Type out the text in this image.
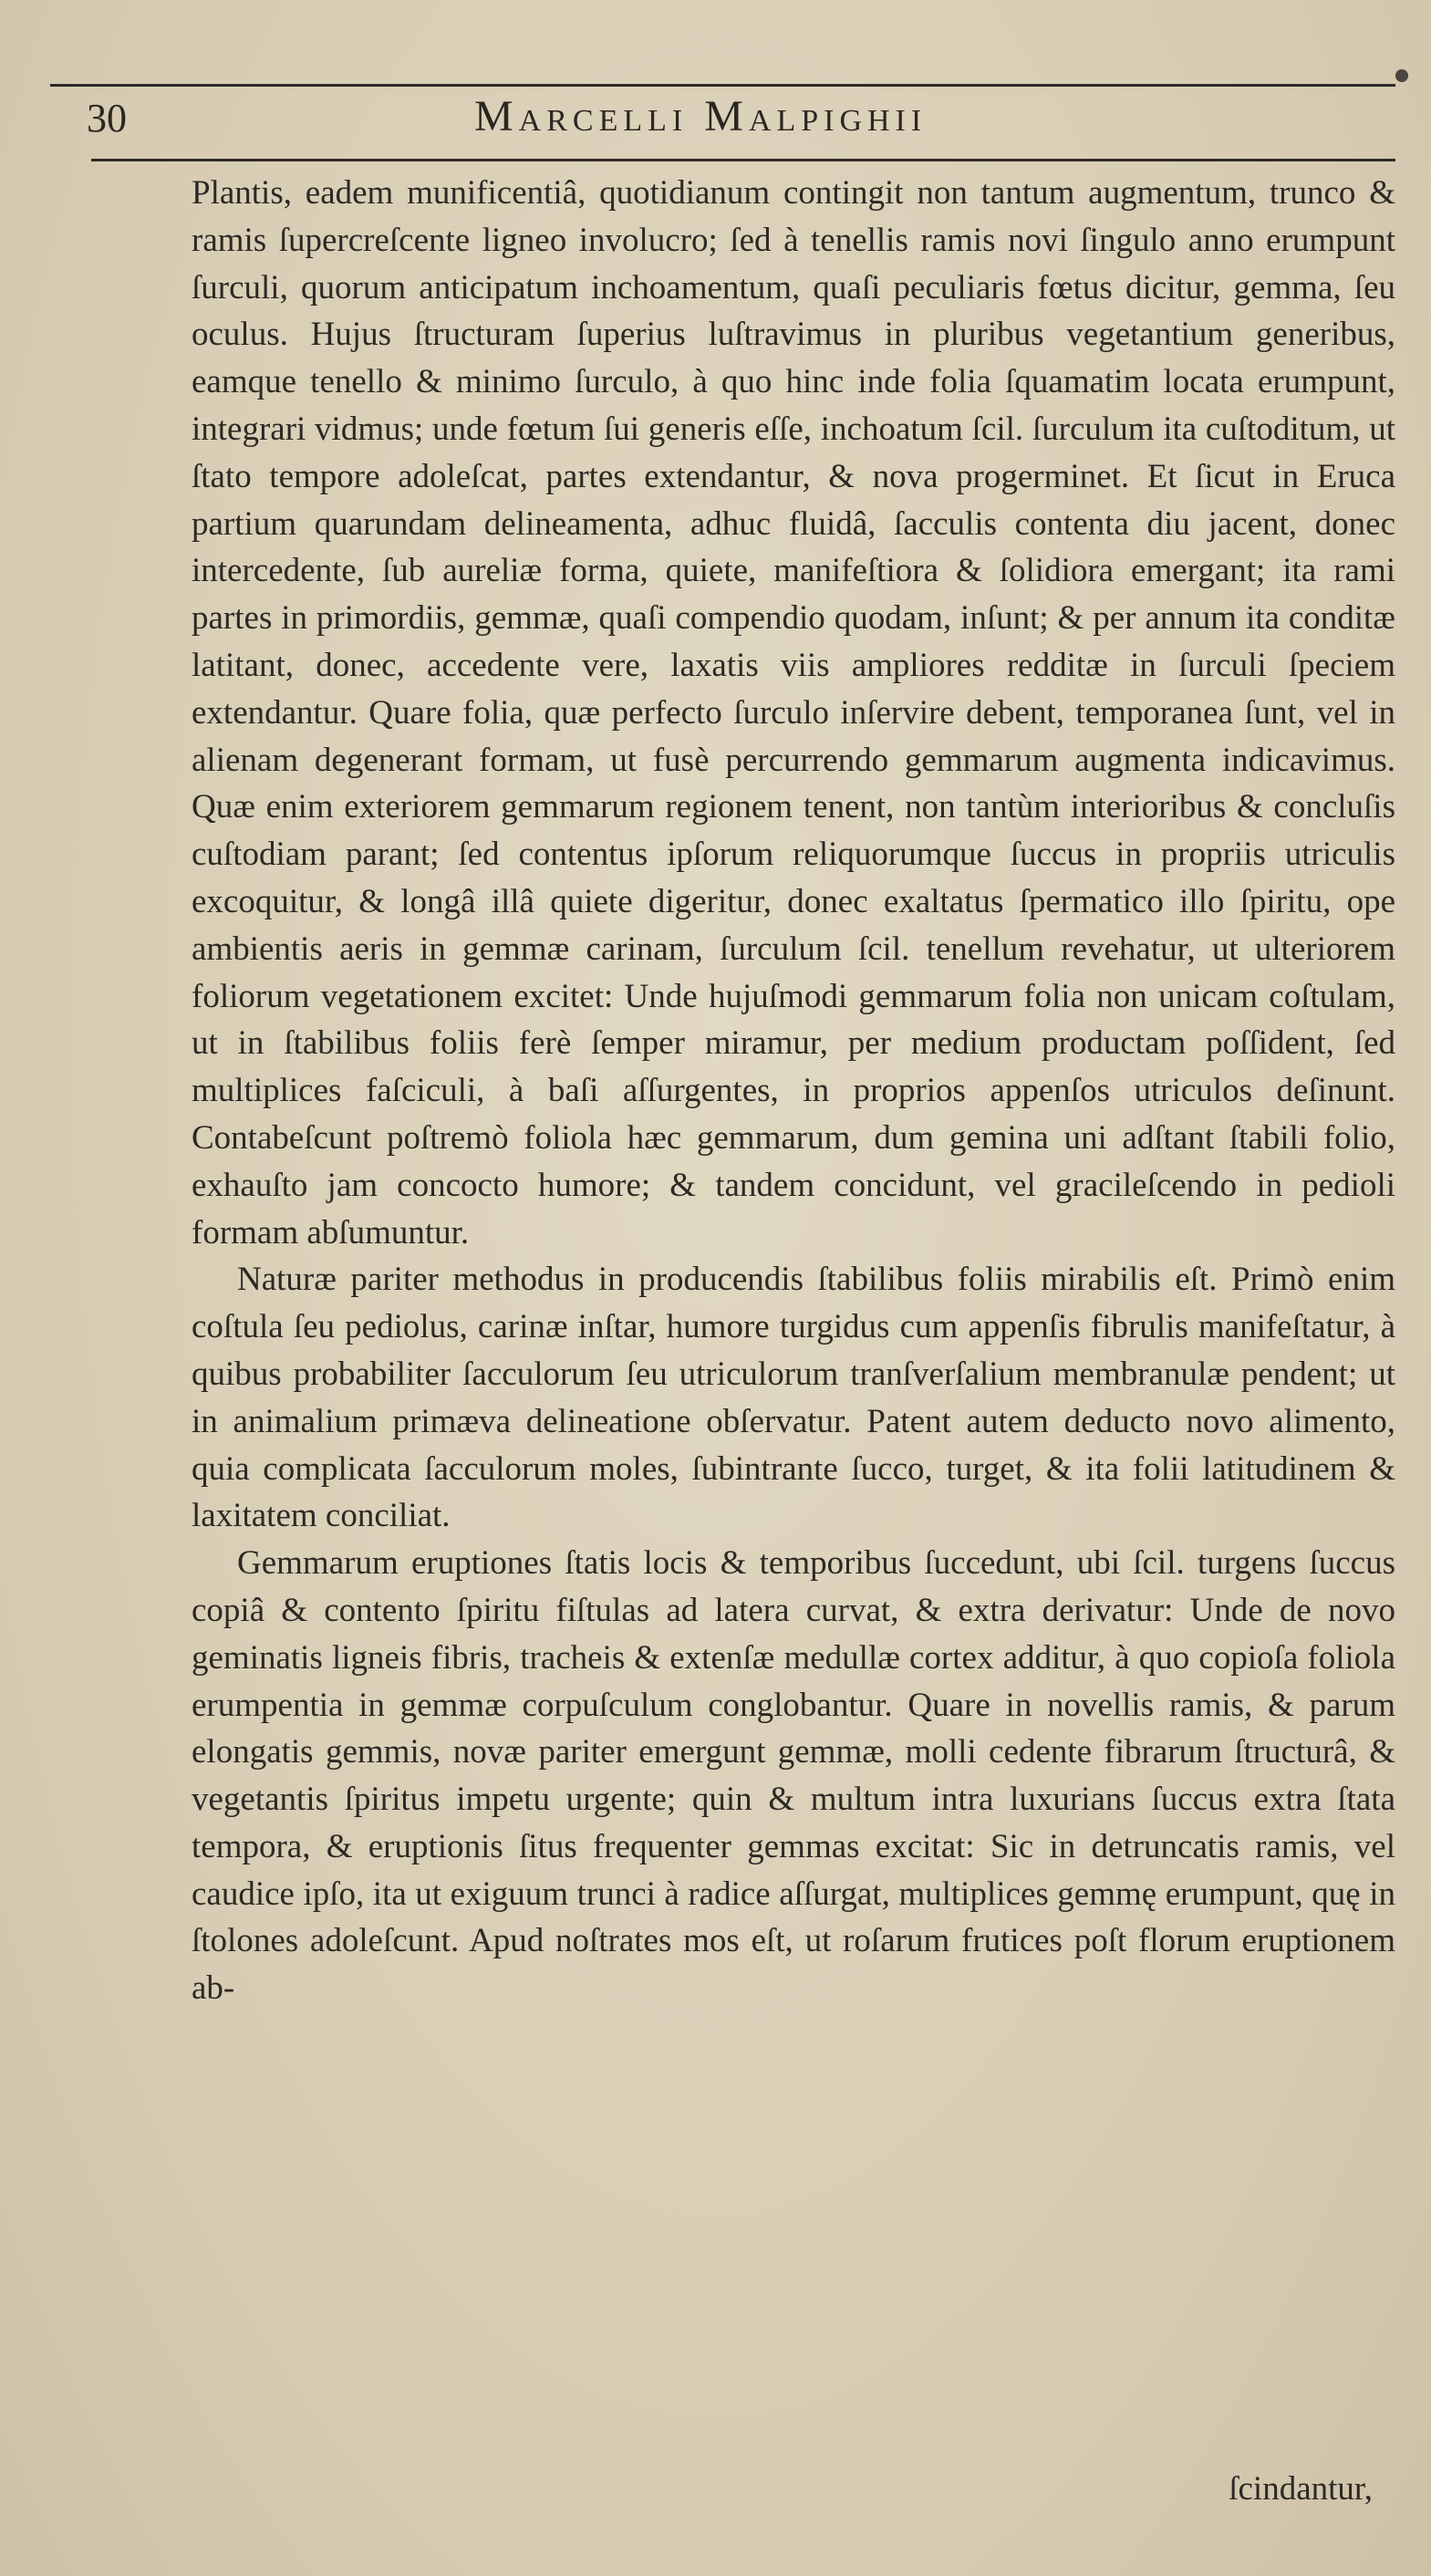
30	Marcelli Malpighii

Plantis, eadem munificentiâ, quotidianum contingit non tantum augmentum, trunco & ramis ſupercreſcente ligneo involucro; ſed à tenellis ramis novi ſingulo anno erumpunt ſurculi, quorum anticipatum inchoamentum, quaſi peculiaris fœtus dicitur, gemma, ſeu oculus. Hujus ſtructuram ſuperius luſtravimus in pluribus vegetantium generibus, eamque tenello & minimo ſurculo, à quo hinc inde folia ſquamatim locata erumpunt, integrari vidmus; unde fœtum ſui generis eſſe, inchoatum ſcil. ſurculum ita cuſtoditum, ut ſtato tempore adoleſcat, partes extendantur, & nova progerminet. Et ſicut in Eruca partium quarundam delineamenta, adhuc fluidâ, ſacculis contenta diu jacent, donec intercedente, ſub aureliæ forma, quiete, manifeſtiora & ſolidiora emergant; ita rami partes in primordiis, gemmæ, quaſi compendio quodam, inſunt; & per annum ita conditæ latitant, donec, accedente vere, laxatis viis ampliores redditæ in ſurculi ſpeciem extendantur. Quare folia, quæ perfecto ſurculo inſervire debent, temporanea ſunt, vel in alienam degenerant formam, ut fusè percurrendo gemmarum augmenta indicavimus. Quæ enim exteriorem gemmarum regionem tenent, non tantùm interioribus & concluſis cuſtodiam parant; ſed contentus ipſorum reliquorumque ſuccus in propriis utriculis excoquitur, & longâ illâ quiete digeritur, donec exaltatus ſpermatico illo ſpiritu, ope ambientis aeris in gemmæ carinam, ſurculum ſcil. tenellum revehatur, ut ulteriorem foliorum vegetationem excitet: Unde hujuſmodi gemmarum folia non unicam coſtulam, ut in ſtabilibus foliis ferè ſemper miramur, per medium productam poſſident, ſed multiplices faſciculi, à baſi aſſurgentes, in proprios appenſos utriculos deſinunt. Contabeſcunt poſtremò foliola hæc gemmarum, dum gemina uni adſtant ſtabili folio, exhauſto jam concocto humore; & tandem concidunt, vel gracileſcendo in pedioli formam abſumuntur.

Naturæ pariter methodus in producendis ſtabilibus foliis mirabilis eſt. Primò enim coſtula ſeu pediolus, carinæ inſtar, humore turgidus cum appenſis fibrulis manifeſtatur, à quibus probabiliter ſacculorum ſeu utriculorum tranſverſalium membranulæ pendent; ut in animalium primæva delineatione obſervatur. Patent autem deducto novo alimento, quia complicata ſacculorum moles, ſubintrante ſucco, turget, & ita folii latitudinem & laxitatem conciliat.

Gemmarum eruptiones ſtatis locis & temporibus ſuccedunt, ubi ſcil. turgens ſuccus copiâ & contento ſpiritu fiſtulas ad latera curvat, & extra derivatur: Unde de novo geminatis ligneis fibris, tracheis & extenſæ medullæ cortex additur, à quo copioſa foliola erumpentia in gemmæ corpuſculum conglobantur. Quare in novellis ramis, & parum elongatis gemmis, novæ pariter emergunt gemmæ, molli cedente fibrarum ſtructurâ, & vegetantis ſpiritus impetu urgente; quin & multum intra luxurians ſuccus extra ſtata tempora, & eruptionis ſitus frequenter gemmas excitat: Sic in detruncatis ramis, vel caudice ipſo, ita ut exiguum trunci à radice aſſurgat, multiplices gemmę erumpunt, quę in ſtolones adoleſcunt. Apud noſtrates mos eſt, ut roſarum frutices poſt florum eruptionem ab-

ſcindantur,
